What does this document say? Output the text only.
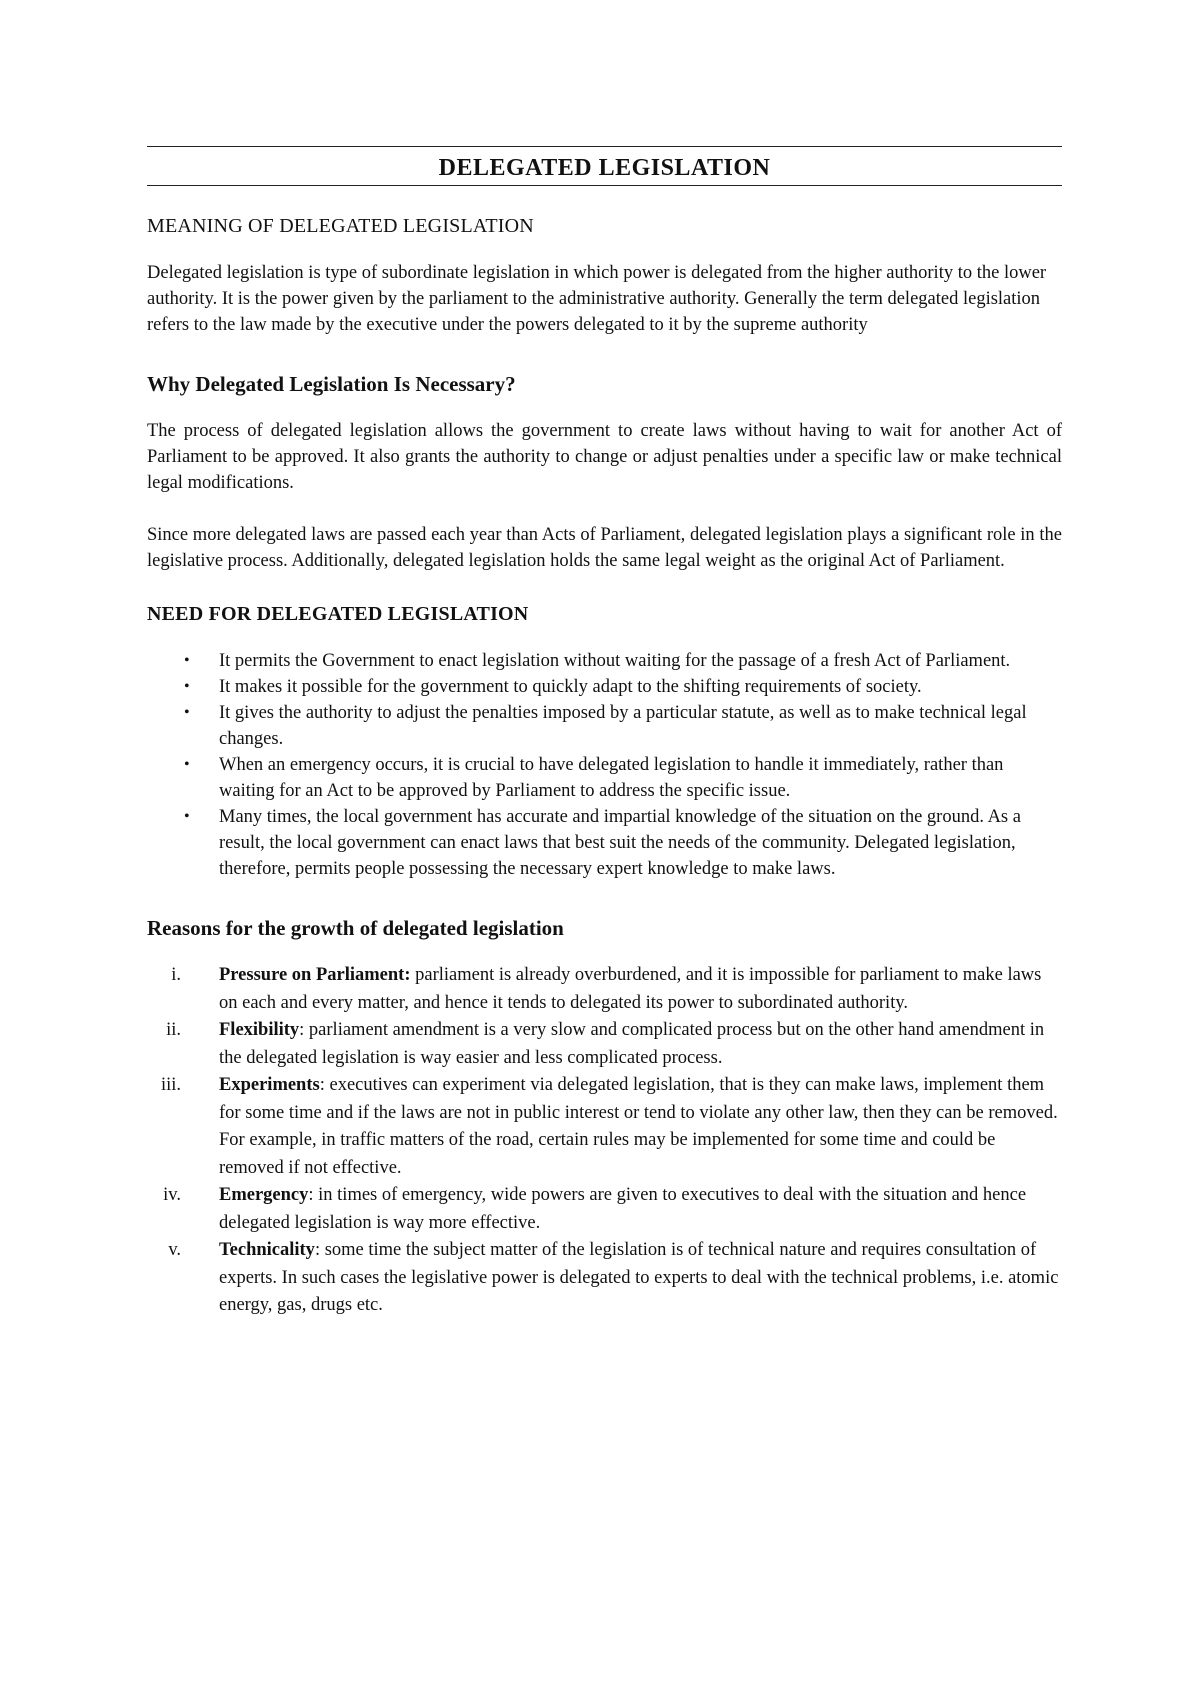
DELEGATED LEGISLATION
MEANING OF DELEGATED LEGISLATION

Delegated legislation is type of subordinate legislation in which power is delegated from the higher authority to the lower authority. It is the power given by the parliament to the administrative authority. Generally the term delegated legislation refers to the law made by the executive under the powers delegated to it by the supreme authority

Why Delegated Legislation Is Necessary?

The process of delegated legislation allows the government to create laws without having to wait for another Act of Parliament to be approved. It also grants the authority to change or adjust penalties under a specific law or make technical legal modifications.

Since more delegated laws are passed each year than Acts of Parliament, delegated legislation plays a significant role in the legislative process. Additionally, delegated legislation holds the same legal weight as the original Act of Parliament.

NEED FOR DELEGATED LEGISLATION
• It permits the Government to enact legislation without waiting for the passage of a fresh Act of Parliament.
• It makes it possible for the government to quickly adapt to the shifting requirements of society.
• It gives the authority to adjust the penalties imposed by a particular statute, as well as to make technical legal changes.
• When an emergency occurs, it is crucial to have delegated legislation to handle it immediately, rather than waiting for an Act to be approved by Parliament to address the specific issue.
• Many times, the local government has accurate and impartial knowledge of the situation on the ground. As a result, the local government can enact laws that best suit the needs of the community. Delegated legislation, therefore, permits people possessing the necessary expert knowledge to make laws.
Reasons for the growth of delegated legislation
i. Pressure on Parliament: parliament is already overburdened, and it is impossible for parliament to make laws on each and every matter, and hence it tends to delegated its power to subordinated authority.
ii. Flexibility: parliament amendment is a very slow and complicated process but on the other hand amendment in the delegated legislation is way easier and less complicated process.
iii. Experiments: executives can experiment via delegated legislation, that is they can make laws, implement them for some time and if the laws are not in public interest or tend to violate any other law, then they can be removed. For example, in traffic matters of the road, certain rules may be implemented for some time and could be removed if not effective.
iv. Emergency: in times of emergency, wide powers are given to executives to deal with the situation and hence delegated legislation is way more effective.
v. Technicality: some time the subject matter of the legislation is of technical nature and requires consultation of experts. In such cases the legislative power is delegated to experts to deal with the technical problems, i.e. atomic energy, gas, drugs etc.
